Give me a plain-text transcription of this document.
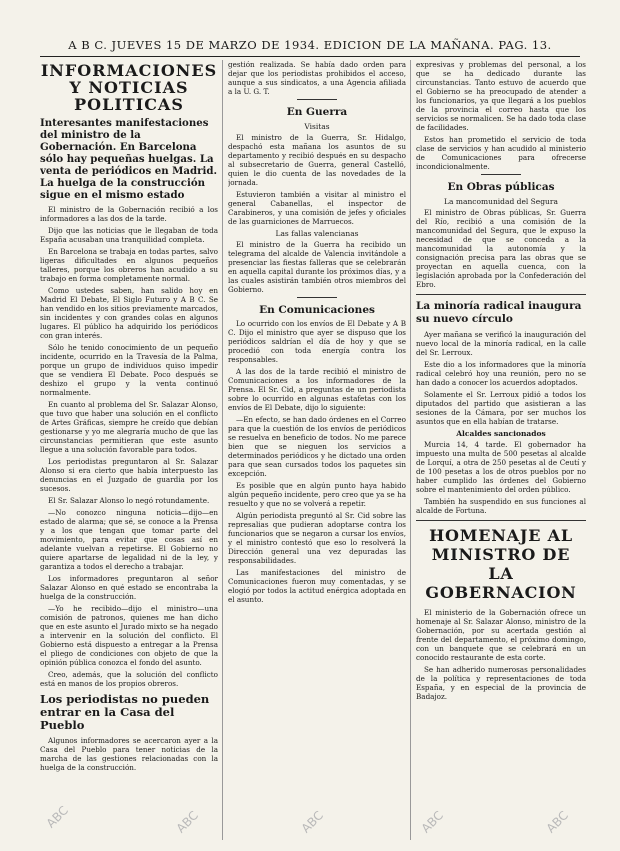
A B C. JUEVES 15 DE MARZO DE 1934. EDICION DE LA MAÑANA. PAG. 13.
INFORMACIONES Y NOTICIAS POLITICAS
Interesantes manifestaciones del ministro de la Gobernación. En Barcelona sólo hay pequeñas huelgas. La venta de periódicos en Madrid. La huelga de la construcción sigue en el mismo estado

El ministro de la Gobernación recibió a los informadores a las dos de la tarde.

Dijo que las noticias que le llegaban de toda España acusaban una tranquilidad completa.

En Barcelona se trabaja en todas partes, salvo ligeras dificultades en algunos pequeños talleres, porque los obreros han acudido a su trabajo en forma completamente normal.

Como ustedes saben, han salido hoy en Madrid El Debate, El Siglo Futuro y A B C. Se han vendido en los sitios previamente marcados, sin incidentes y con grandes colas en algunos lugares. El público ha adquirido los periódicos con gran interés.

Sólo he tenido conocimiento de un pequeño incidente, ocurrido en la Travesía de la Palma, porque un grupo de individuos quiso impedir que se vendiera El Debate. Poco después se deshizo el grupo y la venta continuó normalmente.

En cuanto al problema del Sr. Salazar Alonso, que tuvo que haber una solución en el conflicto de Artes Gráficas, siempre he creído que debían gestionarse y yo me alegraría mucho de que las circunstancias permitieran que este asunto llegue a una solución favorable para todos.

Los periodistas preguntaron al Sr. Salazar Alonso si era cierto que había interpuesto las denuncias en el Juzgado de guardia por los sucesos.

El Sr. Salazar Alonso lo negó rotundamente.

—No conozco ninguna noticia—dijo—en estado de alarma; que sé, se conoce a la Prensa y a los que tengan que tomar parte del movimiento, para evitar que cosas así en adelante vuelvan a repetirse. El Gobierno no quiere apartarse de legalidad ni de la ley, y garantiza a todos el derecho a trabajar.

Los informadores preguntaron al señor Salazar Alonso en qué estado se encontraba la huelga de la construcción.

—Yo he recibido—dijo el ministro—una comisión de patronos, quienes me han dicho que en este asunto el Jurado mixto se ha negado a intervenir en la solución del conflicto. El Gobierno está dispuesto a entregar a la Prensa el pliego de condiciones con objeto de que la opinión pública conozca el fondo del asunto.

Creo, además, que la solución del conflicto está en manos de los propios obreros.

Los periodistas no pueden entrar en la Casa del Pueblo

Algunos informadores se acercaron ayer a la Casa del Pueblo para tener noticias de la marcha de las gestiones relacionadas con la huelga de la construcción.

gestión realizada. Se había dado orden para dejar que los periodistas prohibidos el acceso, aunque a sus sindicatos, a una Agencia afiliada a la U. G. T.

En Guerra
Visitas

El ministro de la Guerra, Sr. Hidalgo, despachó esta mañana los asuntos de su departamento y recibió después en su despacho al subsecretario de Guerra, general Castelló, quien le dio cuenta de las novedades de la jornada.

Estuvieron también a visitar al ministro el general Cabanellas, el inspector de Carabineros, y una comisión de jefes y oficiales de las guarniciones de Marruecos.

Las fallas valencianas

El ministro de la Guerra ha recibido un telegrama del alcalde de Valencia invitándole a presenciar las fiestas falleras que se celebrarán en aquella capital durante los próximos días, y a las cuales asistirán también otros miembros del Gobierno.

En Comunicaciones

Lo ocurrido con los envíos de El Debate y A B C. Dijo el ministro que ayer se dispuso que los periódicos saldrían el día de hoy y que se procedió con toda energía contra los responsables.

A las dos de la tarde recibió el ministro de Comunicaciones a los informadores de la Prensa. El Sr. Cid, a preguntas de un periodista sobre lo ocurrido en algunas estafetas con los envíos de El Debate, dijo lo siguiente:

—En efecto, se han dado órdenes en el Correo para que la cuestión de los envíos de periódicos se resuelva en beneficio de todos. No me parece bien que se nieguen los servicios a determinados periódicos y he dictado una orden para que sean cursados todos los paquetes sin excepción.

Es posible que en algún punto haya habido algún pequeño incidente, pero creo que ya se ha resuelto y que no se volverá a repetir.

Algún periodista preguntó al Sr. Cid sobre las represalias que pudieran adoptarse contra los funcionarios que se negaron a cursar los envíos, y el ministro contestó que eso lo resolverá la Dirección general una vez depuradas las responsabilidades.

Las manifestaciones del ministro de Comunicaciones fueron muy comentadas, y se elogió por todos la actitud enérgica adoptada en el asunto.

expresivas y problemas del personal, a los que se ha dedicado durante las circunstancias. Tanto estuvo de acuerdo que el Gobierno se ha preocupado de atender a los funcionarios, ya que llegará a los pueblos de la provincia el correo hasta que los servicios se normalicen. Se ha dado toda clase de facilidades.

Estos han prometido el servicio de toda clase de servicios y han acudido al ministerio de Comunicaciones para ofrecerse incondicionalmente.

En Obras públicas
La mancomunidad del Segura

El ministro de Obras públicas, Sr. Guerra del Río, recibió a una comisión de la mancomunidad del Segura, que le expuso la necesidad de que se conceda a la mancomunidad la autonomía y la consignación precisa para las obras que se proyectan en aquella cuenca, con la legislación aprobada por la Confederación del Ebro.

La minoría radical inaugura su nuevo círculo

Ayer mañana se verificó la inauguración del nuevo local de la minoría radical, en la calle del Sr. Lerroux.

Este dio a los informadores que la minoría radical celebró hoy una reunión, pero no se han dado a conocer los acuerdos adoptados.

Solamente el Sr. Lerroux pidió a todos los diputados del partido que asistieran a las sesiones de la Cámara, por ser muchos los asuntos que en ella habían de tratarse.

Alcaldes sancionados

Murcia 14, 4 tarde. El gobernador ha impuesto una multa de 500 pesetas al alcalde de Lorquí, a otra de 250 pesetas al de Ceutí y de 100 pesetas a los de otros pueblos por no haber cumplido las órdenes del Gobierno sobre el mantenimiento del orden público.

También ha suspendido en sus funciones al alcalde de Fortuna.

HOMENAJE AL MINISTRO DE LA GOBERNACION

El ministerio de la Gobernación ofrece un homenaje al Sr. Salazar Alonso, ministro de la Gobernación, por su acertada gestión al frente del departamento, el próximo domingo, con un banquete que se celebrará en un conocido restaurante de esta corte.

Se han adherido numerosas personalidades de la política y representaciones de toda España, y en especial de la provincia de Badajoz.

ABC	ABC	ABC	ABC	ABC
